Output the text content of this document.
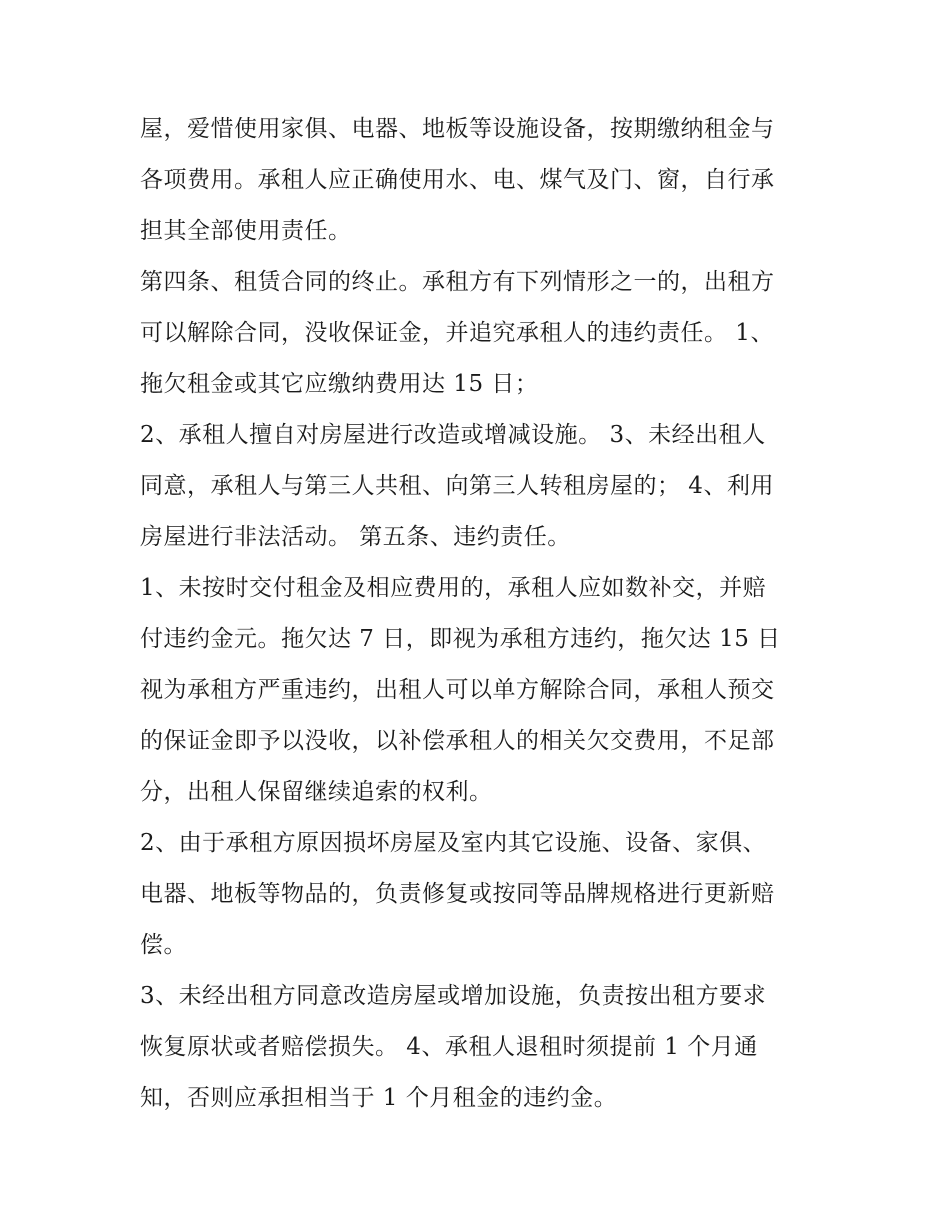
屋，爱惜使用家俱、电器、地板等设施设备，按期缴纳租金与
各项费用。承租人应正确使用水、电、煤气及门、窗，自行承
担其全部使用责任。
第四条、租赁合同的终止。承租方有下列情形之一的，出租方
可以解除合同，没收保证金，并追究承租人的违约责任。 1、
拖欠租金或其它应缴纳费用达 15 日；
2、承租人擅自对房屋进行改造或增减设施。 3、未经出租人
同意，承租人与第三人共租、向第三人转租房屋的； 4、利用
房屋进行非法活动。 第五条、违约责任。
1、未按时交付租金及相应费用的，承租人应如数补交，并赔
付违约金元。拖欠达 7 日，即视为承租方违约，拖欠达 15 日
视为承租方严重违约，出租人可以单方解除合同，承租人预交
的保证金即予以没收，以补偿承租人的相关欠交费用，不足部
分，出租人保留继续追索的权利。
2、由于承租方原因损坏房屋及室内其它设施、设备、家俱、
电器、地板等物品的，负责修复或按同等品牌规格进行更新赔
偿。
3、未经出租方同意改造房屋或增加设施，负责按出租方要求
恢复原状或者赔偿损失。 4、承租人退租时须提前 1 个月通
知，否则应承担相当于 1 个月租金的违约金。
